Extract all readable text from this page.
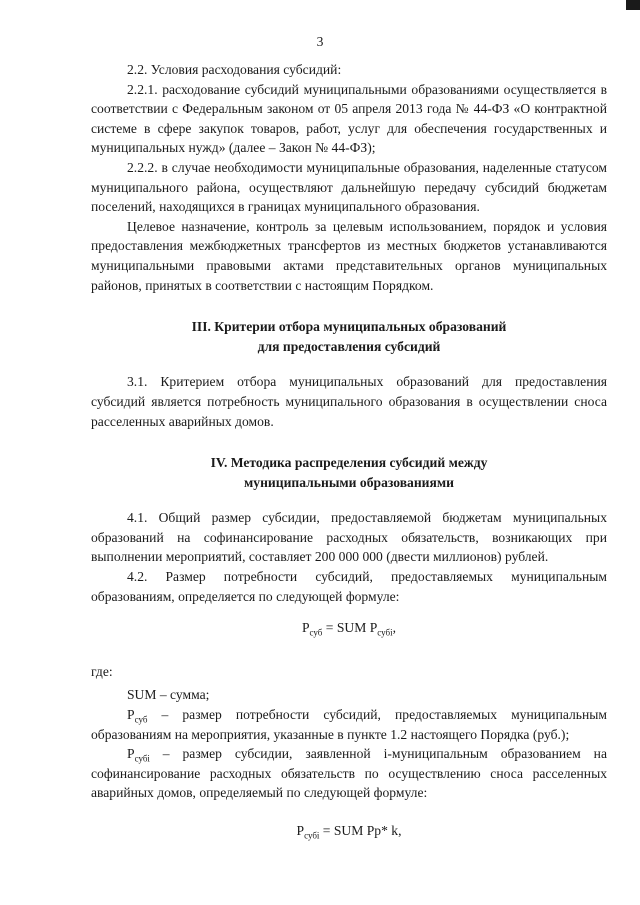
3

2.2. Условия расходования субсидий:

2.2.1. расходование субсидий муниципальными образованиями осуществляется в соответствии с Федеральным законом от 05 апреля 2013 года № 44-ФЗ «О контрактной системе в сфере закупок товаров, работ, услуг для обеспечения государственных и муниципальных нужд» (далее – Закон № 44-ФЗ);

2.2.2. в случае необходимости муниципальные образования, наделенные статусом муниципального района, осуществляют дальнейшую передачу субсидий бюджетам поселений, находящихся в границах муниципального образования.

Целевое назначение, контроль за целевым использованием, порядок и условия предоставления межбюджетных трансфертов из местных бюджетов устанавливаются муниципальными правовыми актами представительных органов муниципальных районов, принятых в соответствии с настоящим Порядком.

III. Критерии отбора муниципальных образований

для предоставления субсидий

3.1. Критерием отбора муниципальных образований для предоставления субсидий является потребность муниципального образования в осуществлении сноса расселенных аварийных домов.

IV. Методика распределения субсидий между

муниципальными образованиями

4.1. Общий размер субсидии, предоставляемой бюджетам муниципальных образований на софинансирование расходных обязательств, возникающих при выполнении мероприятий, составляет 200 000 000 (двести миллионов) рублей.

4.2. Размер потребности субсидий, предоставляемых муниципальным образованиям, определяется по следующей формуле:

$P_{суб}$ = SUM $P_{субi}$,

где:

SUM – сумма;

$P_{суб}$ – размер потребности субсидий, предоставляемых муниципальным образованиям на мероприятия, указанные в пункте 1.2 настоящего Порядка (руб.);

$P_{субi}$ – размер субсидии, заявленной i-муниципальным образованием на софинансирование расходных обязательств по осуществлению сноса расселенных аварийных домов, определяемый по следующей формуле:

$P_{субi}$ = SUM Pp* k,
